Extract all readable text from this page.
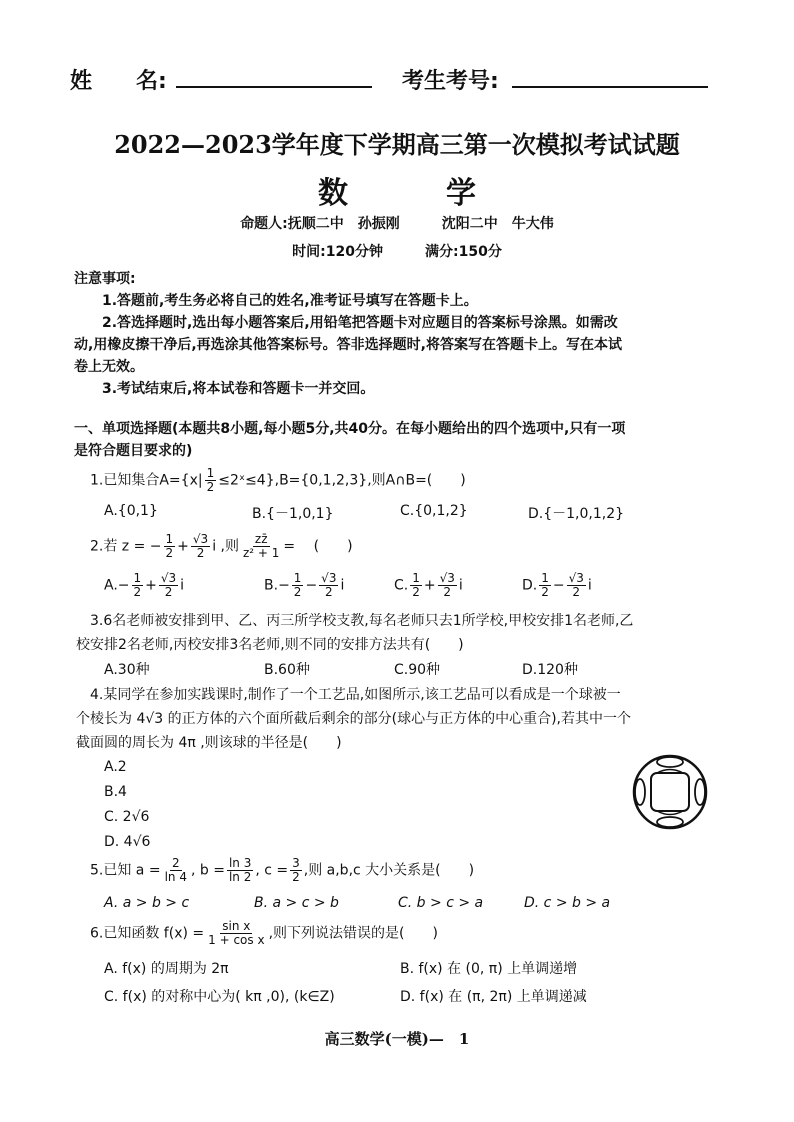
姓　　名:	考生考号:
2022—2023学年度下学期高三第一次模拟考试试题
数　学
命题人:抚顺二中　孙振刚　　　沈阳二中　牛大伟
时间:120分钟　　　满分:150分
注意事项:
1.答题前,考生务必将自己的姓名,准考证号填写在答题卡上。
2.答选择题时,选出每小题答案后,用铅笔把答题卡对应题目的答案标号涂黑。如需改
动,用橡皮擦干净后,再选涂其他答案标号。答非选择题时,将答案写在答题卡上。写在本试
卷上无效。
3.考试结束后,将本试卷和答题卡一并交回。
一、单项选择题(本题共8小题,每小题5分,共40分。在每小题给出的四个选项中,只有一项
是符合题目要求的)
1.已知集合$A=\{x| \frac{1}{2}$ ≤2ˣ≤4},B={0,1,2,3},则A∩B=(　　)
A.{0,1}	B.{－1,0,1}	C.{0,1,2}	D.{－1,0,1,2}
2.若 z = − $\frac{1}{2} + \frac{√3}{2}$ i ,则 $\frac{zz̄}{\text{z² + 1}}$ = 　(　　)
$A.- \frac{1}{2} + \frac{√3}{2}$ i	$B.- \frac{1}{2} - \frac{√3}{2}$ i	C. $\frac{1}{2} + \frac{√3}{2}$ i	D. $\frac{1}{2} - \frac{√3}{2}$ i
3.6名老师被安排到甲、乙、丙三所学校支教,每名老师只去1所学校,甲校安排1名老师,乙
校安排2名老师,丙校安排3名老师,则不同的安排方法共有(　　)
A.30种	B.60种	C.90种	D.120种
4.某同学在参加实践课时,制作了一个工艺品,如图所示,该工艺品可以看成是一个球被一
个棱长为 4√3 的正方体的六个面所截后剩余的部分(球心与正方体的中心重合),若其中一个
截面圆的周长为 4π ,则该球的半径是(　　)
A.2
B.4
C. 2√6
D. 4√6
5.已知 $a = \frac{2}{\ln 4}$ , $b = \frac{\ln 3}{\ln 2}$ , $c = \frac{3}{2}$ ,则 a,b,c 大小关系是(　　)
A. a > b > c	B. a > c > b	C. b > c > a	D. c > b > a
6.已知函数 $f(x) = \frac{\text{sin x}}{\text{1 + cos x}}$ ,则下列说法错误的是(　　)
A. f(x) 的周期为 2π	B. f(x) 在 (0, π) 上单调递增
C. f(x) 的对称中心为( kπ ,0), (k∈Z)	D. f(x) 在 (π, 2π) 上单调递减
高三数学(一模)—　1
